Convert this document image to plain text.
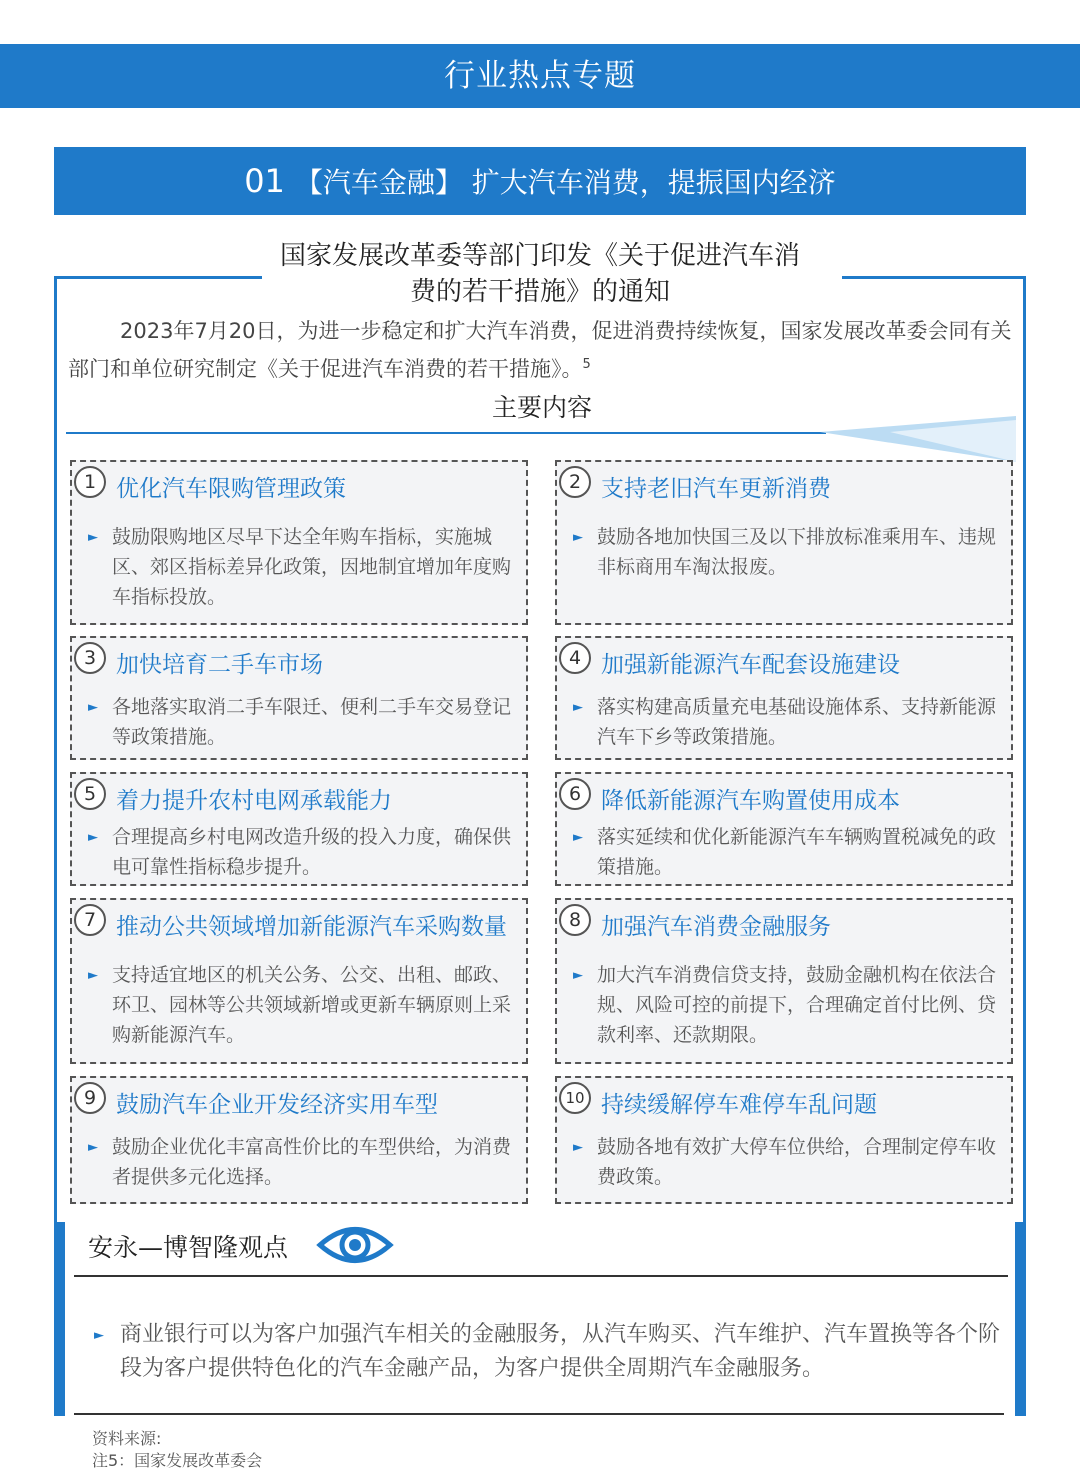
行业热点专题
01 【汽车金融】 扩大汽车消费，提振国内经济
国家发展改革委等部门印发《关于促进汽车消
费的若干措施》的通知
2023年7月20日，为进一步稳定和扩大汽车消费，促进消费持续恢复，国家发展改革委会同有关部门和单位研究制定《关于促进汽车消费的若干措施》。$^5$
主要内容
1 优化汽车限购管理政策
► 鼓励限购地区尽早下达全年购车指标，实施城区、郊区指标差异化政策，因地制宜增加年度购车指标投放。
2 支持老旧汽车更新消费
► 鼓励各地加快国三及以下排放标准乘用车、违规非标商用车淘汰报废。
3 加快培育二手车市场
► 各地落实取消二手车限迁、便利二手车交易登记等政策措施。
4 加强新能源汽车配套设施建设
► 落实构建高质量充电基础设施体系、支持新能源汽车下乡等政策措施。
5 着力提升农村电网承载能力
► 合理提高乡村电网改造升级的投入力度，确保供电可靠性指标稳步提升。
6 降低新能源汽车购置使用成本
► 落实延续和优化新能源汽车车辆购置税减免的政策措施。
7 推动公共领域增加新能源汽车采购数量
► 支持适宜地区的机关公务、公交、出租、邮政、环卫、园林等公共领域新增或更新车辆原则上采购新能源汽车。
8 加强汽车消费金融服务
► 加大汽车消费信贷支持，鼓励金融机构在依法合规、风险可控的前提下，合理确定首付比例、贷款利率、还款期限。
9 鼓励汽车企业开发经济实用车型
► 鼓励企业优化丰富高性价比的车型供给，为消费者提供多元化选择。
10 持续缓解停车难停车乱问题
► 鼓励各地有效扩大停车位供给，合理制定停车收费政策。
安永—博智隆观点
► 商业银行可以为客户加强汽车相关的金融服务，从汽车购买、汽车维护、汽车置换等各个阶段为客户提供特色化的汽车金融产品，为客户提供全周期汽车金融服务。
资料来源:
注5：国家发展改革委会
